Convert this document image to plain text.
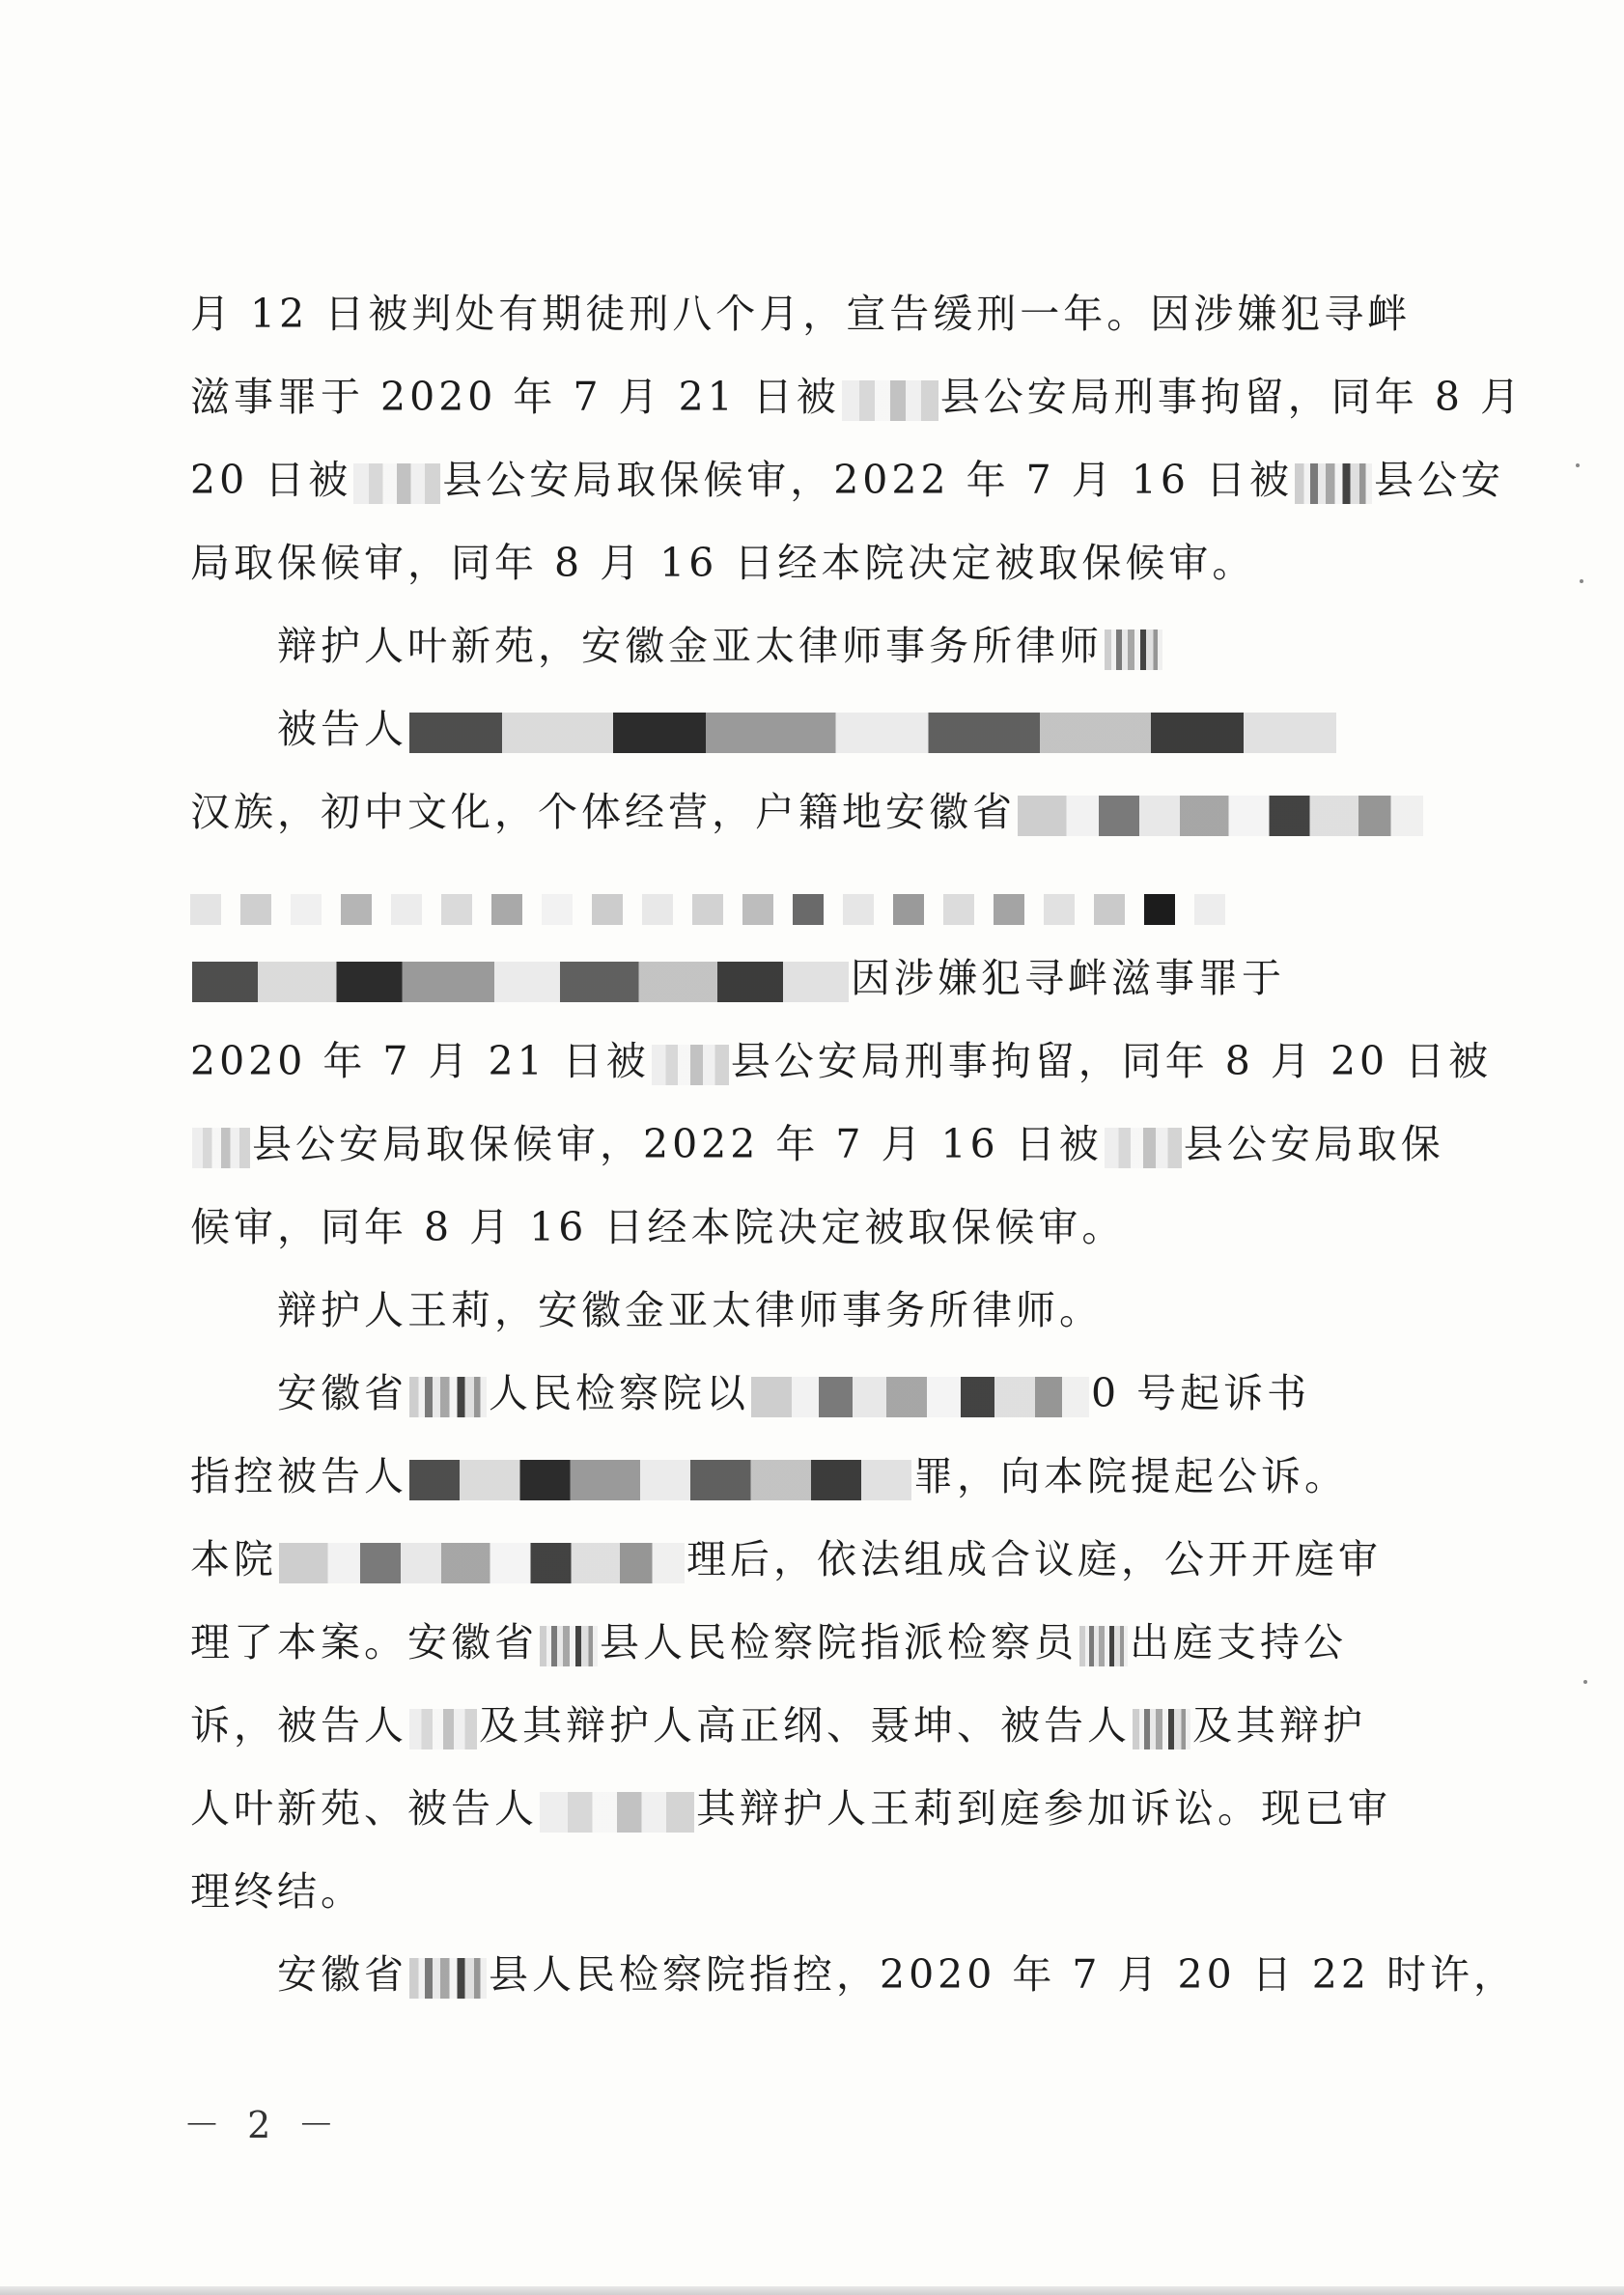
月 12 日被判处有期徒刑八个月，宣告缓刑一年。因涉嫌犯寻衅
滋事罪于 2020 年 7 月 21 日被	县公安局刑事拘留，同年 8 月
20 日被 县公安局取保候审，2022 年 7 月 16 日被 县公安
局取保候审，同年 8 月 16 日经本院决定被取保候审。
辩护人叶新苑，安徽金亚太律师事务所律师
被告人
汉族，初中文化，个体经营，户籍地安徽省
因涉嫌犯寻衅滋事罪于
2020 年 7 月 21 日被 县公安局刑事拘留，同年 8 月 20 日被
县公安局取保候审，2022 年 7 月 16 日被 县公安局取保
候审，同年 8 月 16 日经本院决定被取保候审。
辩护人王莉，安徽金亚太律师事务所律师。
安徽省 人民检察院以	0 号起诉书
指控被告人	罪，向本院提起公诉。
本院	理后，依法组成合议庭，公开开庭审
理了本案。安徽省 县人民检察院指派检察员 出庭支持公
诉，被告人 及其辩护人高正纲、聂坤、被告人 及其辩护
人叶新苑、被告人	其辩护人王莉到庭参加诉讼。现已审
理终结。
安徽省 县人民检察院指控，2020 年 7 月 20 日 22 时许，
－ 2 －
